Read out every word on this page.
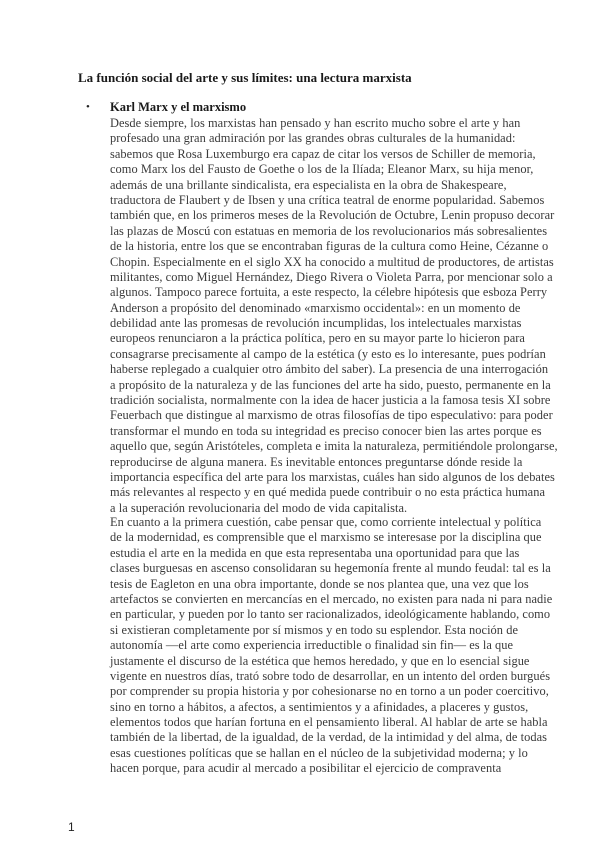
La función social del arte y sus límites: una lectura marxista
• Karl Marx y el marxismo
Desde siempre, los marxistas han pensado y han escrito mucho sobre el arte y han
profesado una gran admiración por las grandes obras culturales de la humanidad:
sabemos que Rosa Luxemburgo era capaz de citar los versos de Schiller de memoria,
como Marx los del Fausto de Goethe o los de la Ilíada; Eleanor Marx, su hija menor,
además de una brillante sindicalista, era especialista en la obra de Shakespeare,
traductora de Flaubert y de Ibsen y una crítica teatral de enorme popularidad. Sabemos
también que, en los primeros meses de la Revolución de Octubre, Lenin propuso decorar
las plazas de Moscú con estatuas en memoria de los revolucionarios más sobresalientes
de la historia, entre los que se encontraban figuras de la cultura como Heine, Cézanne o
Chopin. Especialmente en el siglo XX ha conocido a multitud de productores, de artistas
militantes, como Miguel Hernández, Diego Rivera o Violeta Parra, por mencionar solo a
algunos. Tampoco parece fortuita, a este respecto, la célebre hipótesis que esboza Perry
Anderson a propósito del denominado «marxismo occidental»: en un momento de
debilidad ante las promesas de revolución incumplidas, los intelectuales marxistas
europeos renunciaron a la práctica política, pero en su mayor parte lo hicieron para
consagrarse precisamente al campo de la estética (y esto es lo interesante, pues podrían
haberse replegado a cualquier otro ámbito del saber). La presencia de una interrogación
a propósito de la naturaleza y de las funciones del arte ha sido, puesto, permanente en la
tradición socialista, normalmente con la idea de hacer justicia a la famosa tesis XI sobre
Feuerbach que distingue al marxismo de otras filosofías de tipo especulativo: para poder
transformar el mundo en toda su integridad es preciso conocer bien las artes porque es
aquello que, según Aristóteles, completa e imita la naturaleza, permitiéndole prolongarse,
reproducirse de alguna manera. Es inevitable entonces preguntarse dónde reside la
importancia específica del arte para los marxistas, cuáles han sido algunos de los debates
más relevantes al respecto y en qué medida puede contribuir o no esta práctica humana
a la superación revolucionaria del modo de vida capitalista.
En cuanto a la primera cuestión, cabe pensar que, como corriente intelectual y política
de la modernidad, es comprensible que el marxismo se interesase por la disciplina que
estudia el arte en la medida en que esta representaba una oportunidad para que las
clases burguesas en ascenso consolidaran su hegemonía frente al mundo feudal: tal es la
tesis de Eagleton en una obra importante, donde se nos plantea que, una vez que los
artefactos se convierten en mercancías en el mercado, no existen para nada ni para nadie
en particular, y pueden por lo tanto ser racionalizados, ideológicamente hablando, como
si existieran completamente por sí mismos y en todo su esplendor. Esta noción de
autonomía —el arte como experiencia irreductible o finalidad sin fin— es la que
justamente el discurso de la estética que hemos heredado, y que en lo esencial sigue
vigente en nuestros días, trató sobre todo de desarrollar, en un intento del orden burgués
por comprender su propia historia y por cohesionarse no en torno a un poder coercitivo,
sino en torno a hábitos, a afectos, a sentimientos y a afinidades, a placeres y gustos,
elementos todos que harían fortuna en el pensamiento liberal. Al hablar de arte se habla
también de la libertad, de la igualdad, de la verdad, de la intimidad y del alma, de todas
esas cuestiones políticas que se hallan en el núcleo de la subjetividad moderna; y lo
hacen porque, para acudir al mercado a posibilitar el ejercicio de compraventa
1
